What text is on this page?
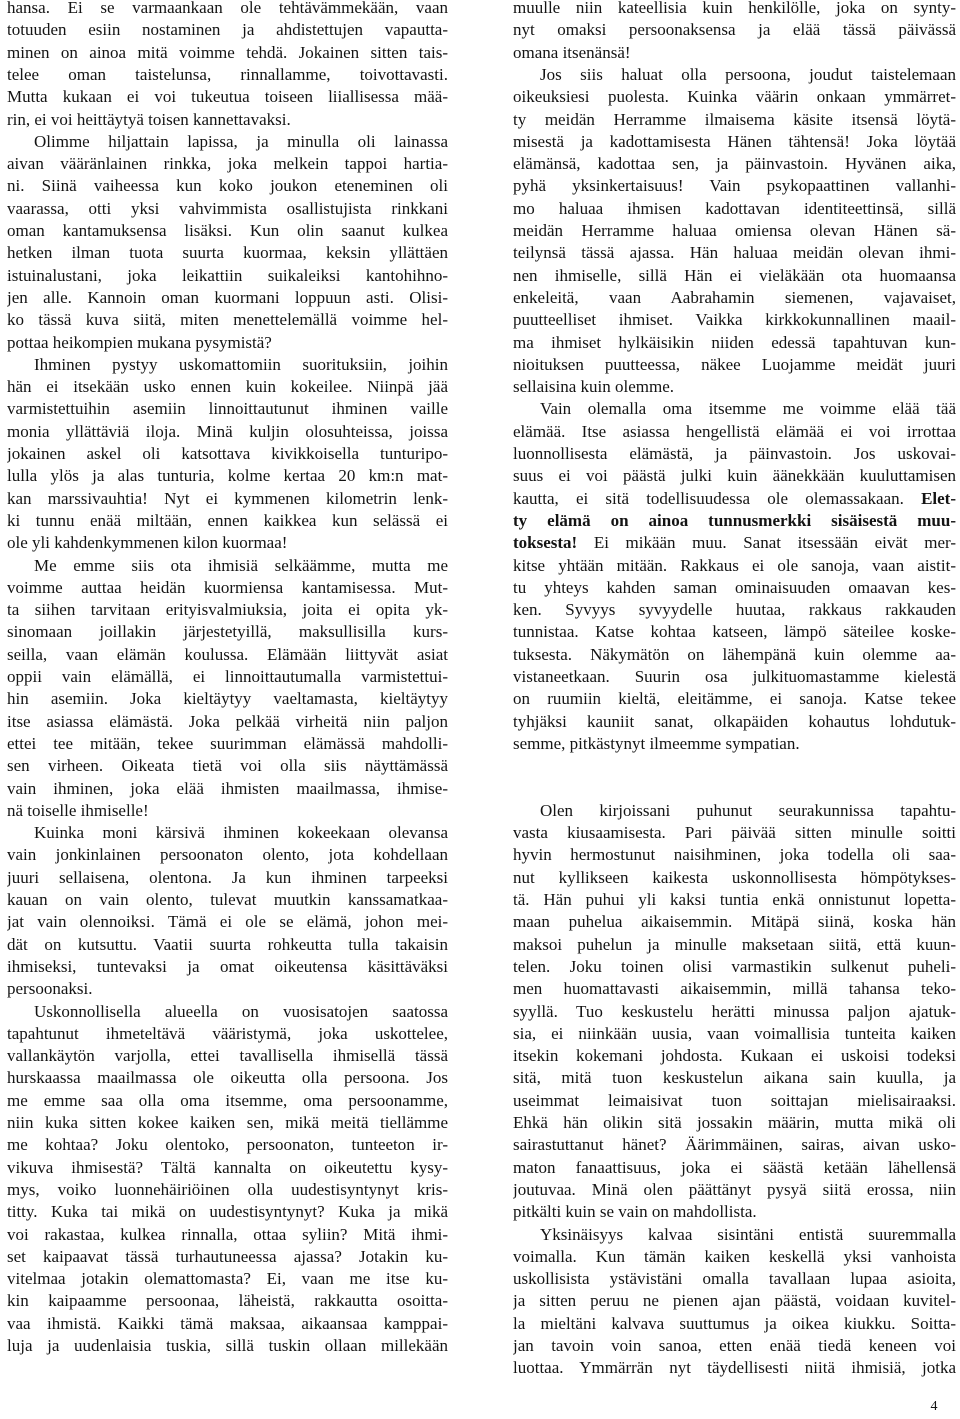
hansa. Ei se varmaankaan ole tehtävämmekään, vaan
totuuden esiin nostaminen ja ahdistettujen vapautta-
minen on ainoa mitä voimme tehdä. Jokainen sitten tais-
telee oman taistelunsa, rinnallamme, toivottavasti.
Mutta kukaan ei voi tukeutua toiseen liiallisessa mää-
rin, ei voi heittäytyä toisen kannettavaksi.
Olimme hiljattain lapissa, ja minulla oli lainassa
aivan vääränlainen rinkka, joka melkein tappoi hartia-
ni. Siinä vaiheessa kun koko joukon eteneminen oli
vaarassa, otti yksi vahvimmista osallistujista rinkkani
oman kantamuksensa lisäksi. Kun olin saanut kulkea
hetken ilman tuota suurta kuormaa, keksin yllättäen
istuinalustani, joka leikattiin suikaleiksi kantohihno-
jen alle. Kannoin oman kuormani loppuun asti. Olisi-
ko tässä kuva siitä, miten menettelemällä voimme hel-
pottaa heikompien mukana pysymistä?
Ihminen pystyy uskomattomiin suorituksiin, joihin
hän ei itsekään usko ennen kuin kokeilee. Niinpä jää
varmistettuihin asemiin linnoittautunut ihminen vaille
monia yllättäviä iloja. Minä kuljin olosuhteissa, joissa
jokainen askel oli katsottava kivikkoisella tunturipo-
lulla ylös ja alas tunturia, kolme kertaa 20 km:n mat-
kan marssivauhtia! Nyt ei kymmenen kilometrin lenk-
ki tunnu enää miltään, ennen kaikkea kun selässä ei
ole yli kahdenkymmenen kilon kuormaa!
Me emme siis ota ihmisiä selkäämme, mutta me
voimme auttaa heidän kuormiensa kantamisessa. Mut-
ta siihen tarvitaan erityisvalmiuksia, joita ei opita yk-
sinomaan joillakin järjestetyillä, maksullisilla kurs-
seilla, vaan elämän koulussa. Elämään liittyvät asiat
oppii vain elämällä, ei linnoittautumalla varmistettui-
hin asemiin. Joka kieltäytyy vaeltamasta, kieltäytyy
itse asiassa elämästä. Joka pelkää virheitä niin paljon
ettei tee mitään, tekee suurimman elämässä mahdolli-
sen virheen. Oikeata tietä voi olla siis näyttämässä
vain ihminen, joka elää ihmisten maailmassa, ihmise-
nä toiselle ihmiselle!
Kuinka moni kärsivä ihminen kokeekaan olevansa
vain jonkinlainen persoonaton olento, jota kohdellaan
juuri sellaisena, olentona. Ja kun ihminen tarpeeksi
kauan on vain olento, tulevat muutkin kanssamatkaa-
jat vain olennoiksi. Tämä ei ole se elämä, johon mei-
dät on kutsuttu. Vaatii suurta rohkeutta tulla takaisin
ihmiseksi, tuntevaksi ja omat oikeutensa käsittäväksi
persoonaksi.
Uskonnollisella alueella on vuosisatojen saatossa
tapahtunut ihmeteltävä vääristymä, joka uskottelee,
vallankäytön varjolla, ettei tavallisella ihmisellä tässä
hurskaassa maailmassa ole oikeutta olla persoona. Jos
me emme saa olla oma itsemme, oma persoonamme,
niin kuka sitten kokee kaiken sen, mikä meitä tiellämme
me kohtaa? Joku olentoko, persoonaton, tunteeton ir-
vikuva ihmisestä? Tältä kannalta on oikeutettu kysy-
mys, voiko luonnehäiriöinen olla uudestisyntynyt kris-
titty. Kuka tai mikä on uudestisyntynyt? Kuka ja mikä
voi rakastaa, kulkea rinnalla, ottaa syliin? Mitä ihmi-
set kaipaavat tässä turhautuneessa ajassa? Jotakin ku-
vitelmaa jotakin olemattomasta? Ei, vaan me itse ku-
kin kaipaamme persoonaa, läheistä, rakkautta osoitta-
vaa ihmistä. Kaikki tämä maksaa, aikaansaa kamppai-
luja ja uudenlaisia tuskia, sillä tuskin ollaan millekään
muulle niin kateellisia kuin henkilölle, joka on synty-
nyt omaksi persoonaksensa ja elää tässä päivässä
omana itsenänsä!
Jos siis haluat olla persoona, joudut taistelemaan
oikeuksiesi puolesta. Kuinka väärin onkaan ymmärret-
ty meidän Herramme ilmaisema käsite itsensä löytä-
misestä ja kadottamisesta Hänen tähtensä! Joka löytää
elämänsä, kadottaa sen, ja päinvastoin. Hyvänen aika,
pyhä yksinkertaisuus! Vain psykopaattinen vallanhi-
mo haluaa ihmisen kadottavan identiteettinsä, sillä
meidän Herramme haluaa omiensa olevan Hänen sä-
teilynsä tässä ajassa. Hän haluaa meidän olevan ihmi-
nen ihmiselle, sillä Hän ei vieläkään ota huomaansa
enkeleitä, vaan Aabrahamin siemenen, vajavaiset,
puutteelliset ihmiset. Vaikka kirkkokunnallinen maail-
ma ihmiset hylkäisikin niiden edessä tapahtuvan kun-
nioituksen puutteessa, näkee Luojamme meidät juuri
sellaisina kuin olemme.
Vain olemalla oma itsemme me voimme elää tää
elämää. Itse asiassa hengellistä elämää ei voi irrottaa
luonnollisesta elämästä, ja päinvastoin. Jos uskovai-
suus ei voi päästä julki kuin äänekkään kuuluttamisen
kautta, ei sitä todellisuudessa ole olemassakaan. Elet-
ty elämä on ainoa tunnusmerkki sisäisestä muu-
toksesta! Ei mikään muu. Sanat itsessään eivät mer-
kitse yhtään mitään. Rakkaus ei ole sanoja, vaan aistit-
tu yhteys kahden saman ominaisuuden omaavan kes-
ken. Syvyys syvyydelle huutaa, rakkaus rakkauden
tunnistaa. Katse kohtaa katseen, lämpö säteilee koske-
tuksesta. Näkymätön on lähempänä kuin olemme aa-
vistaneetkaan. Suurin osa julkituomastamme kielestä
on ruumiin kieltä, eleitämme, ei sanoja. Katse tekee
tyhjäksi kauniit sanat, olkapäiden kohautus lohdutuk-
semme, pitkästynyt ilmeemme sympatian.
Olen kirjoissani puhunut seurakunnissa tapahtu-
vasta kiusaamisesta. Pari päivää sitten minulle soitti
hyvin hermostunut naisihminen, joka todella oli saa-
nut kyllikseen kaikesta uskonnollisesta hömpötykses-
tä. Hän puhui yli kaksi tuntia enkä onnistunut lopetta-
maan puhelua aikaisemmin. Mitäpä siinä, koska hän
maksoi puhelun ja minulle maksetaan siitä, että kuun-
telen. Joku toinen olisi varmastikin sulkenut puheli-
men huomattavasti aikaisemmin, millä tahansa teko-
syyllä. Tuo keskustelu herätti minussa paljon ajatuk-
sia, ei niinkään uusia, vaan voimallisia tunteita kaiken
itsekin kokemani johdosta. Kukaan ei uskoisi todeksi
sitä, mitä tuon keskustelun aikana sain kuulla, ja
useimmat leimaisivat tuon soittajan mielisairaaksi.
Ehkä hän olikin sitä jossakin määrin, mutta mikä oli
sairastuttanut hänet? Äärimmäinen, sairas, aivan usko-
maton fanaattisuus, joka ei säästä ketään lähellensä
joutuvaa. Minä olen päättänyt pysyä siitä erossa, niin
pitkälti kuin se vain on mahdollista.
Yksinäisyys kalvaa sisintäni entistä suuremmalla
voimalla. Kun tämän kaiken keskellä yksi vanhoista
uskollisista ystävistäni omalla tavallaan lupaa asioita,
ja sitten peruu ne pienen ajan päästä, voidaan kuvitel-
la mieltäni kalvava suuttumus ja oikea kiukku. Soitta-
jan tavoin voin sanoa, etten enää tiedä keneen voi
luottaa. Ymmärrän nyt täydellisesti niitä ihmisiä, jotka
4
